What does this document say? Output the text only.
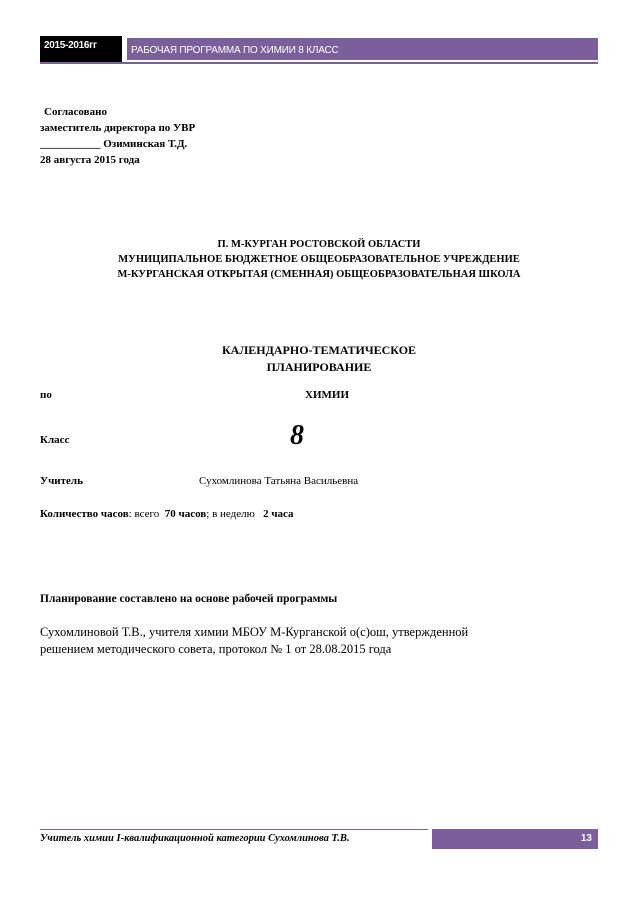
2015-2016гг	РАБОЧАЯ ПРОГРАММА ПО ХИМИИ 8 КЛАСС
Согласовано
заместитель директора по УВР
___________ Озиминская Т.Д.
28 августа 2015 года
П. М-КУРГАН РОСТОВСКОЙ ОБЛАСТИ
МУНИЦИПАЛЬНОЕ БЮДЖЕТНОЕ ОБЩЕОБРАЗОВАТЕЛЬНОЕ УЧРЕЖДЕНИЕ
М-КУРГАНСКАЯ ОТКРЫТАЯ (СМЕННАЯ) ОБЩЕОБРАЗОВАТЕЛЬНАЯ ШКОЛА
КАЛЕНДАРНО-ТЕМАТИЧЕСКОЕ
ПЛАНИРОВАНИЕ
по	ХИМИИ
Класс	8
Учитель	Сухомлинова Татьяна Васильевна
Количество часов: всего 70 часов; в неделю 2 часа
Планирование составлено на основе рабочей программы
Сухомлиновой Т.В., учителя химии МБОУ М-Курганской о(с)ош, утвержденной
решением методического совета, протокол № 1 от 28.08.2015 года
Учитель химии I-квалификационной категории Сухомлинова Т.В.	13
